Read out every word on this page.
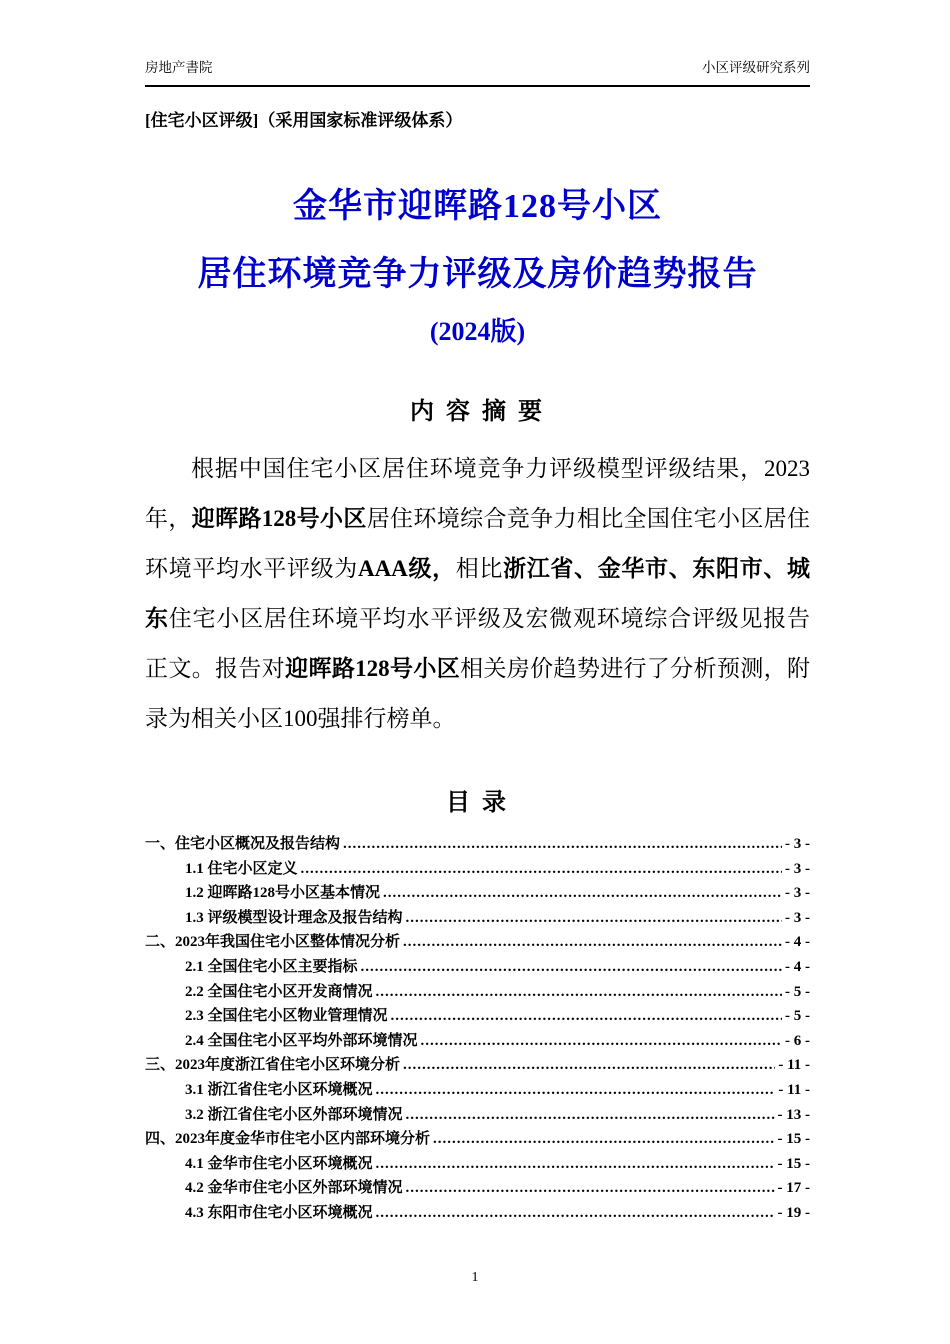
房地产書院	小区评级研究系列
[住宅小区评级]（采用国家标准评级体系）
金华市迎晖路128号小区
居住环境竞争力评级及房价趋势报告
(2024版)
内 容 摘 要

根据中国住宅小区居住环境竞争力评级模型评级结果，2023年，迎晖路128号小区居住环境综合竞争力相比全国住宅小区居住环境平均水平评级为AAA级，相比浙江省、金华市、东阳市、城东住宅小区居住环境平均水平评级及宏微观环境综合评级见报告正文。报告对迎晖路128号小区相关房价趋势进行了分析预测，附录为相关小区100强排行榜单。

目 录
一、住宅小区概况及报告结构 .....	- 3 -
1.1 住宅小区定义 .....	- 3 -
1.2 迎晖路128号小区基本情况 .....	- 3 -
1.3 评级模型设计理念及报告结构 .....	- 3 -
二、2023年我国住宅小区整体情况分析 .....	- 4 -
2.1 全国住宅小区主要指标 .....	- 4 -
2.2 全国住宅小区开发商情况 .....	- 5 -
2.3 全国住宅小区物业管理情况 .....	- 5 -
2.4 全国住宅小区平均外部环境情况 .....	- 6 -
三、2023年度浙江省住宅小区环境分析 .....	- 11 -
3.1 浙江省住宅小区环境概况 .....	- 11 -
3.2 浙江省住宅小区外部环境情况 .....	- 13 -
四、2023年度金华市住宅小区内部环境分析 .....	- 15 -
4.1 金华市住宅小区环境概况 .....	- 15 -
4.2 金华市住宅小区外部环境情况 .....	- 17 -
4.3 东阳市住宅小区环境概况 .....	- 19 -
1
